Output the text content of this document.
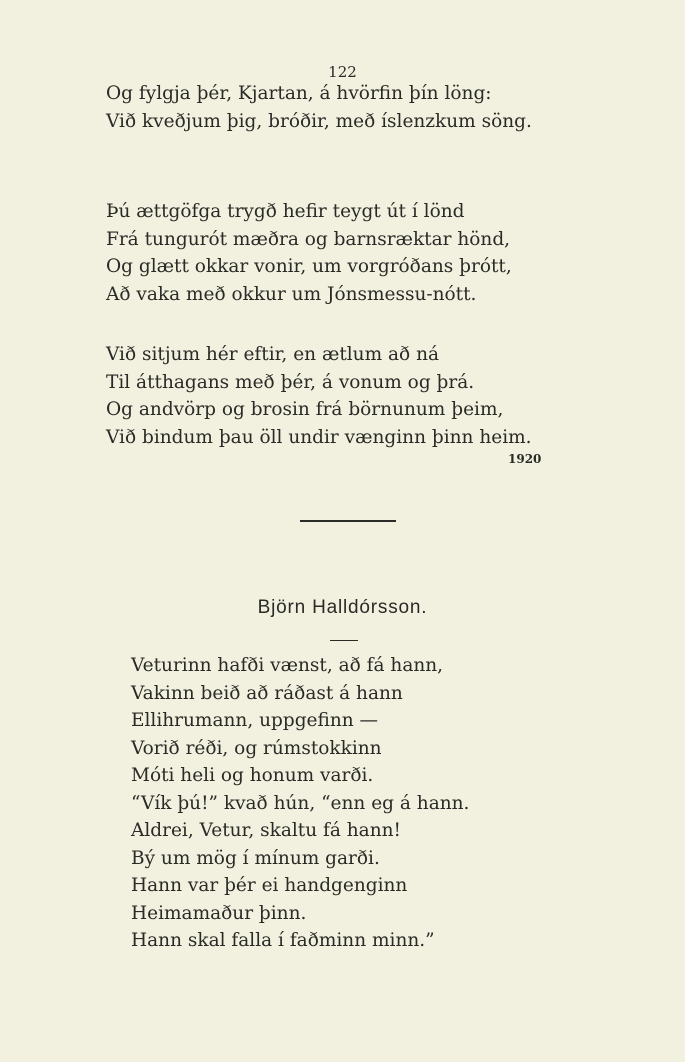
122
Og fylgja þér, Kjartan, á hvörfin þín löng:
Við kveðjum þig, bróðir, með íslenzkum söng.
Þú ættgöfga trygð hefir teygt út í lönd
Frá tungurót mæðra og barnsræktar hönd,
Og glætt okkar vonir, um vorgróðans þrótt,
Að vaka með okkur um Jónsmessu-nótt.
Við sitjum hér eftir, en ætlum að ná
Til átthagans með þér, á vonum og þrá.
Og andvörp og brosin frá börnunum þeim,
Við bindum þau öll undir vænginn þinn heim.
1920
Björn Halldórsson.
Veturinn hafði vænst, að fá hann,
Vakinn beið að ráðast á hann
Ellihrumann, uppgefinn —
Vorið réði, og rúmstokkinn
Móti heli og honum varði.
“Vík þú!” kvað hún, “enn eg á hann.
Aldrei, Vetur, skaltu fá hann!
Bý um mög í mínum garði.
Hann var þér ei handgenginn
Heimamaður þinn.
Hann skal falla í faðminn minn.”
